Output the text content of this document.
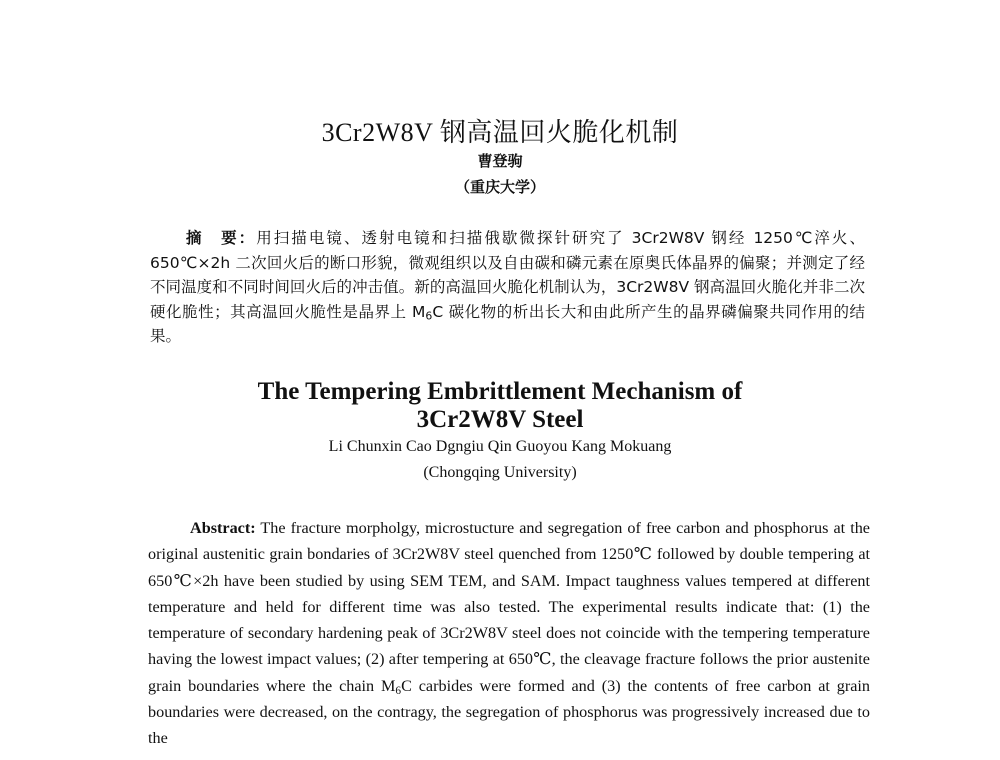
3Cr2W8V 钢高温回火脆化机制
曹登驹
（重庆大学）
摘　要：用扫描电镜、透射电镜和扫描俄歇微探针研究了 3Cr2W8V 钢经 1250℃淬火、650℃×2h 二次回火后的断口形貌，微观组织以及自由碳和磷元素在原奥氏体晶界的偏聚；并测定了经不同温度和不同时间回火后的冲击值。新的高温回火脆化机制认为，3Cr2W8V 钢高温回火脆化并非二次硬化脆性；其高温回火脆性是晶界上 $M_6C$ 碳化物的析出长大和由此所产生的晶界磷偏聚共同作用的结果。
The Tempering Embrittlement Mechanism of
3Cr2W8V Steel
Li Chunxin Cao Dgngiu Qin Guoyou Kang Mokuang
(Chongqing University)

Abstract: The fracture morpholgy, microstucture and segregation of free carbon and phosphorus at the original austenitic grain bondaries of 3Cr2W8V steel quenched from 1250℃ followed by double tempering at 650℃×2h have been studied by using SEM TEM, and SAM. Impact taughness values tempered at different temperature and held for different time was also tested. The experimental results indicate that: (1) the temperature of secondary hardening peak of 3Cr2W8V steel does not coincide with the tempering temperature having the lowest impact values; (2) after tempering at 650℃, the cleavage fracture follows the prior austenite grain boundaries where the chain $M_6C$ carbides were formed and (3) the contents of free carbon at grain boundaries were decreased, on the contragy, the segregation of phosphorus was progressively increased due to the
